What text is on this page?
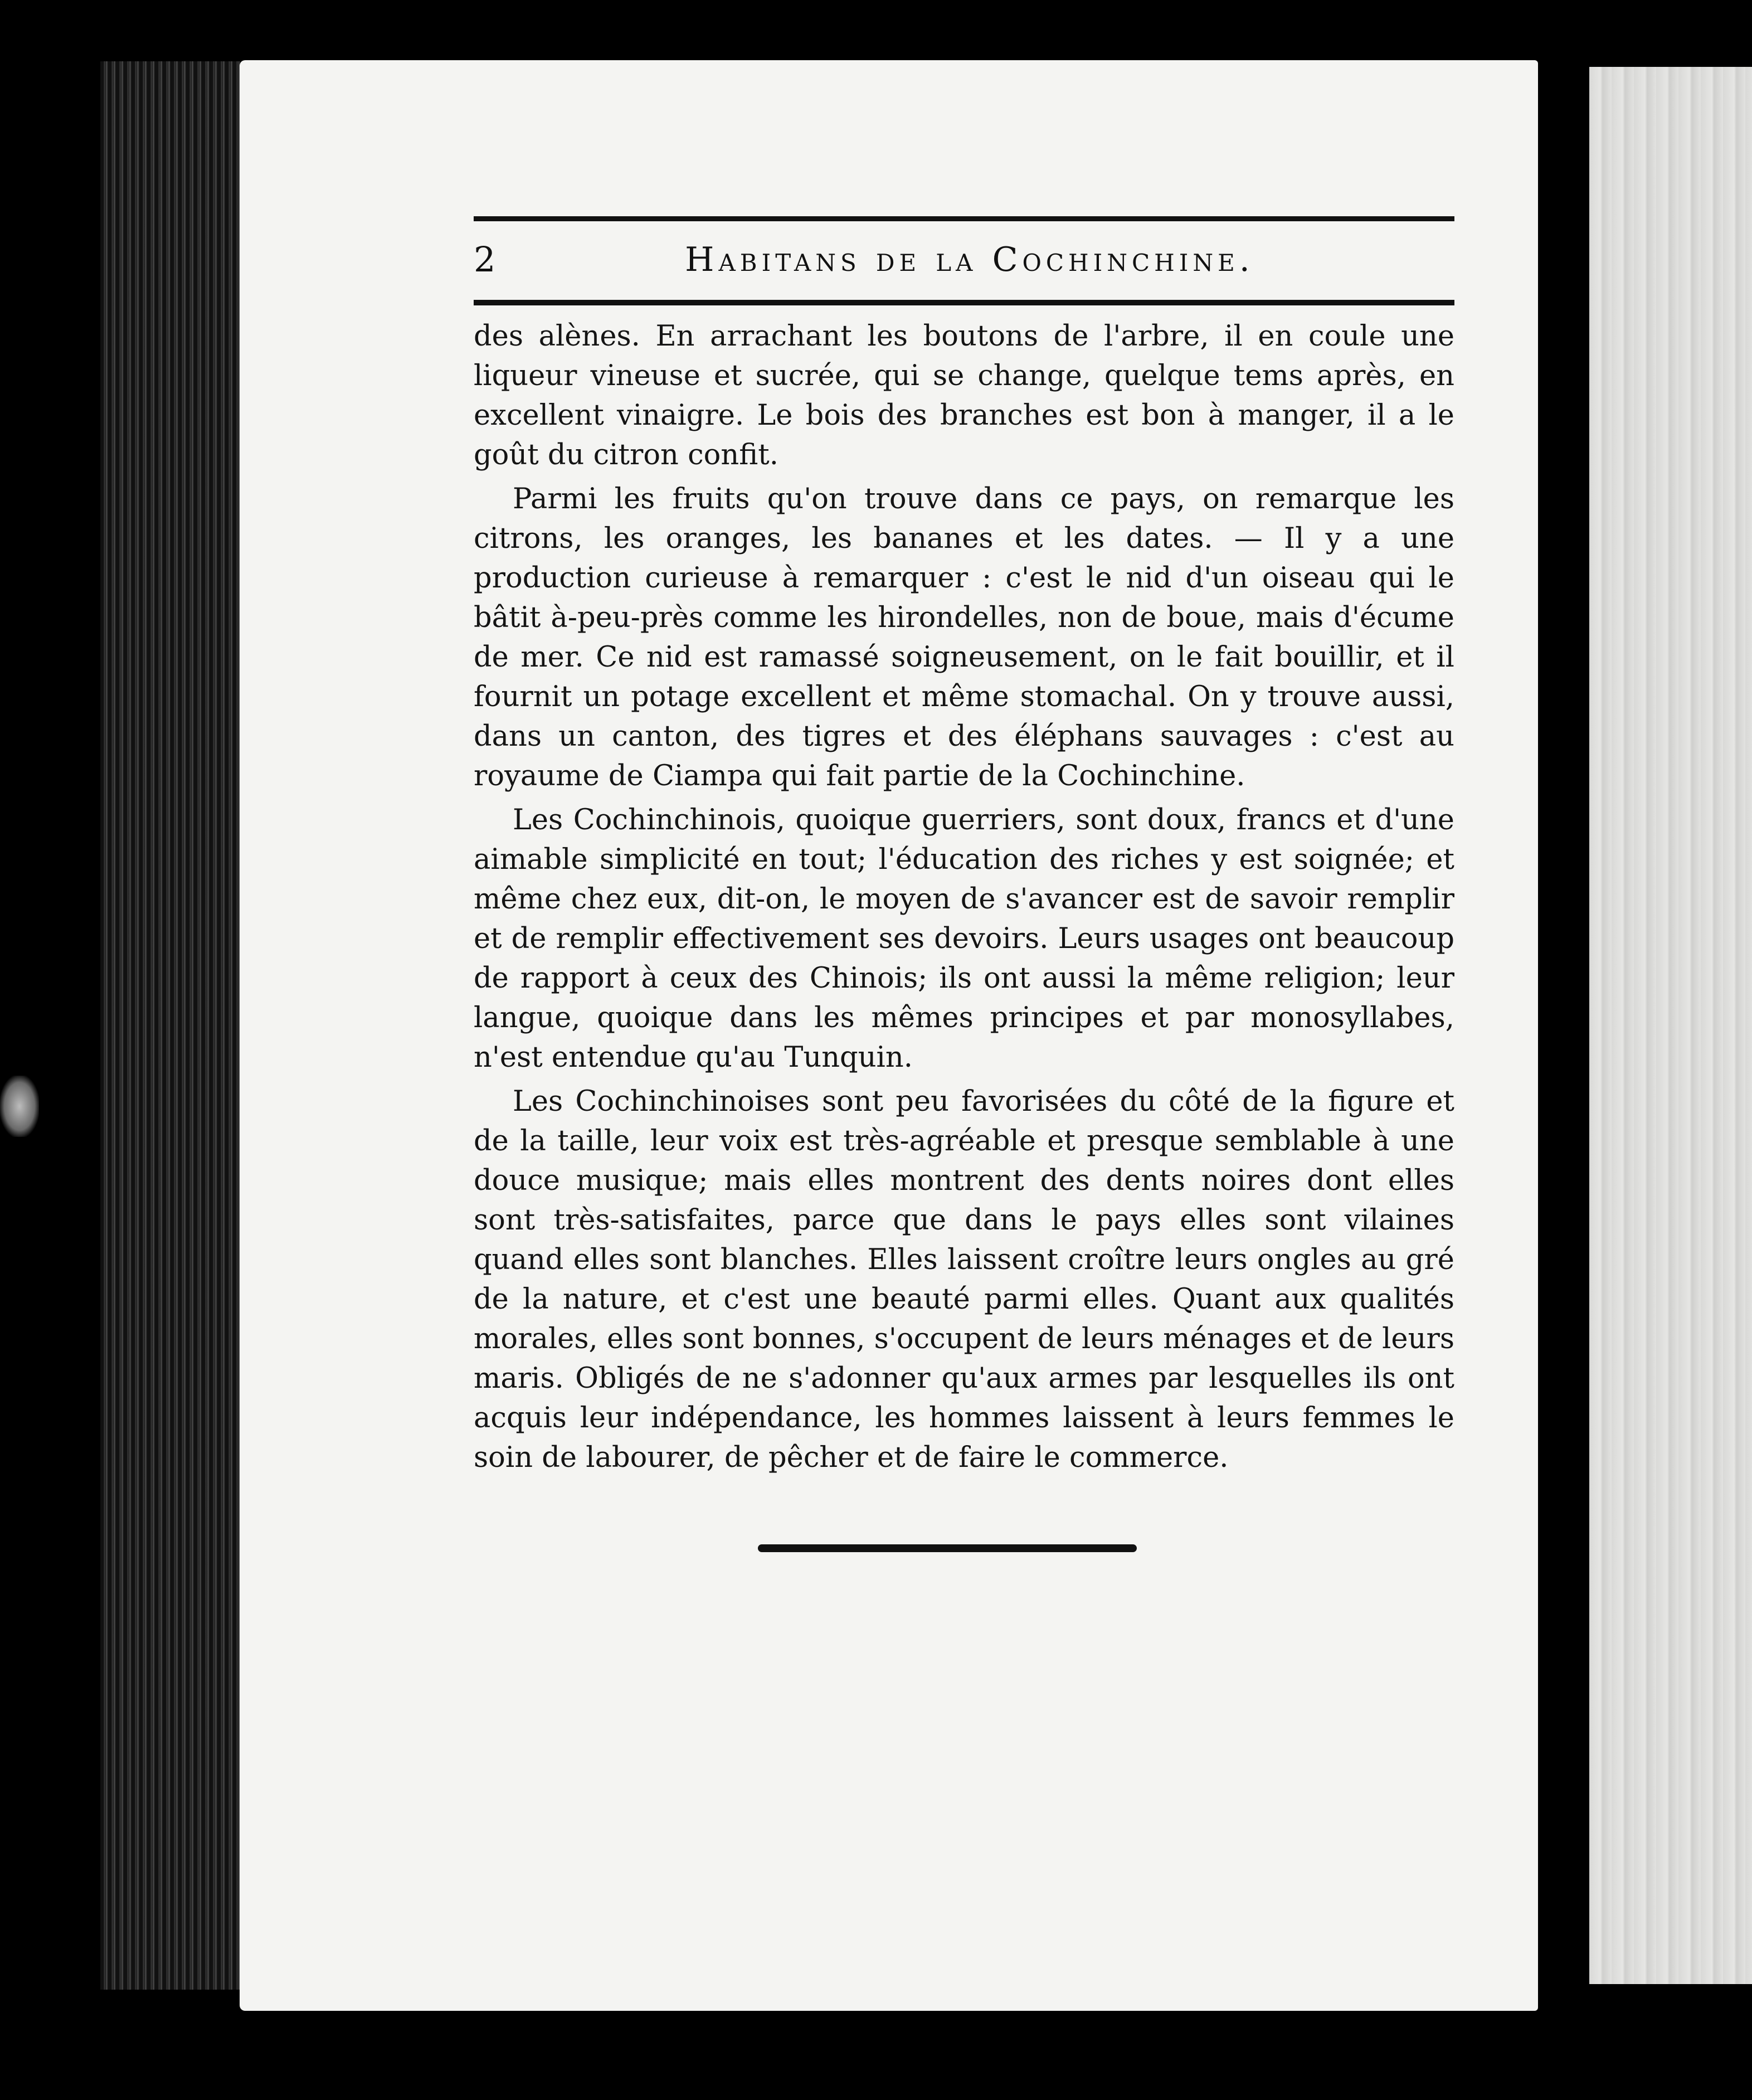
2	Habitans de la Cochinchine.

des alènes. En arrachant les boutons de l'arbre, il en coule une liqueur vineuse et sucrée, qui se change, quelque tems après, en excellent vinaigre. Le bois des branches est bon à manger, il a le goût du citron confit.

Parmi les fruits qu'on trouve dans ce pays, on remarque les citrons, les oranges, les bananes et les dates. — Il y a une production curieuse à remarquer : c'est le nid d'un oiseau qui le bâtit à-peu-près comme les hirondelles, non de boue, mais d'écume de mer. Ce nid est ramassé soigneusement, on le fait bouillir, et il fournit un potage excellent et même stomachal. On y trouve aussi, dans un canton, des tigres et des éléphans sauvages : c'est au royaume de Ciampa qui fait partie de la Cochinchine.

Les Cochinchinois, quoique guerriers, sont doux, francs et d'une aimable simplicité en tout; l'éducation des riches y est soignée; et même chez eux, dit-on, le moyen de s'avancer est de savoir remplir et de remplir effectivement ses devoirs. Leurs usages ont beaucoup de rapport à ceux des Chinois; ils ont aussi la même religion; leur langue, quoique dans les mêmes principes et par monosyllabes, n'est entendue qu'au Tunquin.

Les Cochinchinoises sont peu favorisées du côté de la figure et de la taille, leur voix est très-agréable et presque semblable à une douce musique; mais elles montrent des dents noires dont elles sont très-satisfaites, parce que dans le pays elles sont vilaines quand elles sont blanches. Elles laissent croître leurs ongles au gré de la nature, et c'est une beauté parmi elles. Quant aux qualités morales, elles sont bonnes, s'occupent de leurs ménages et de leurs maris. Obligés de ne s'adonner qu'aux armes par lesquelles ils ont acquis leur indépendance, les hommes laissent à leurs femmes le soin de labourer, de pêcher et de faire le commerce.
